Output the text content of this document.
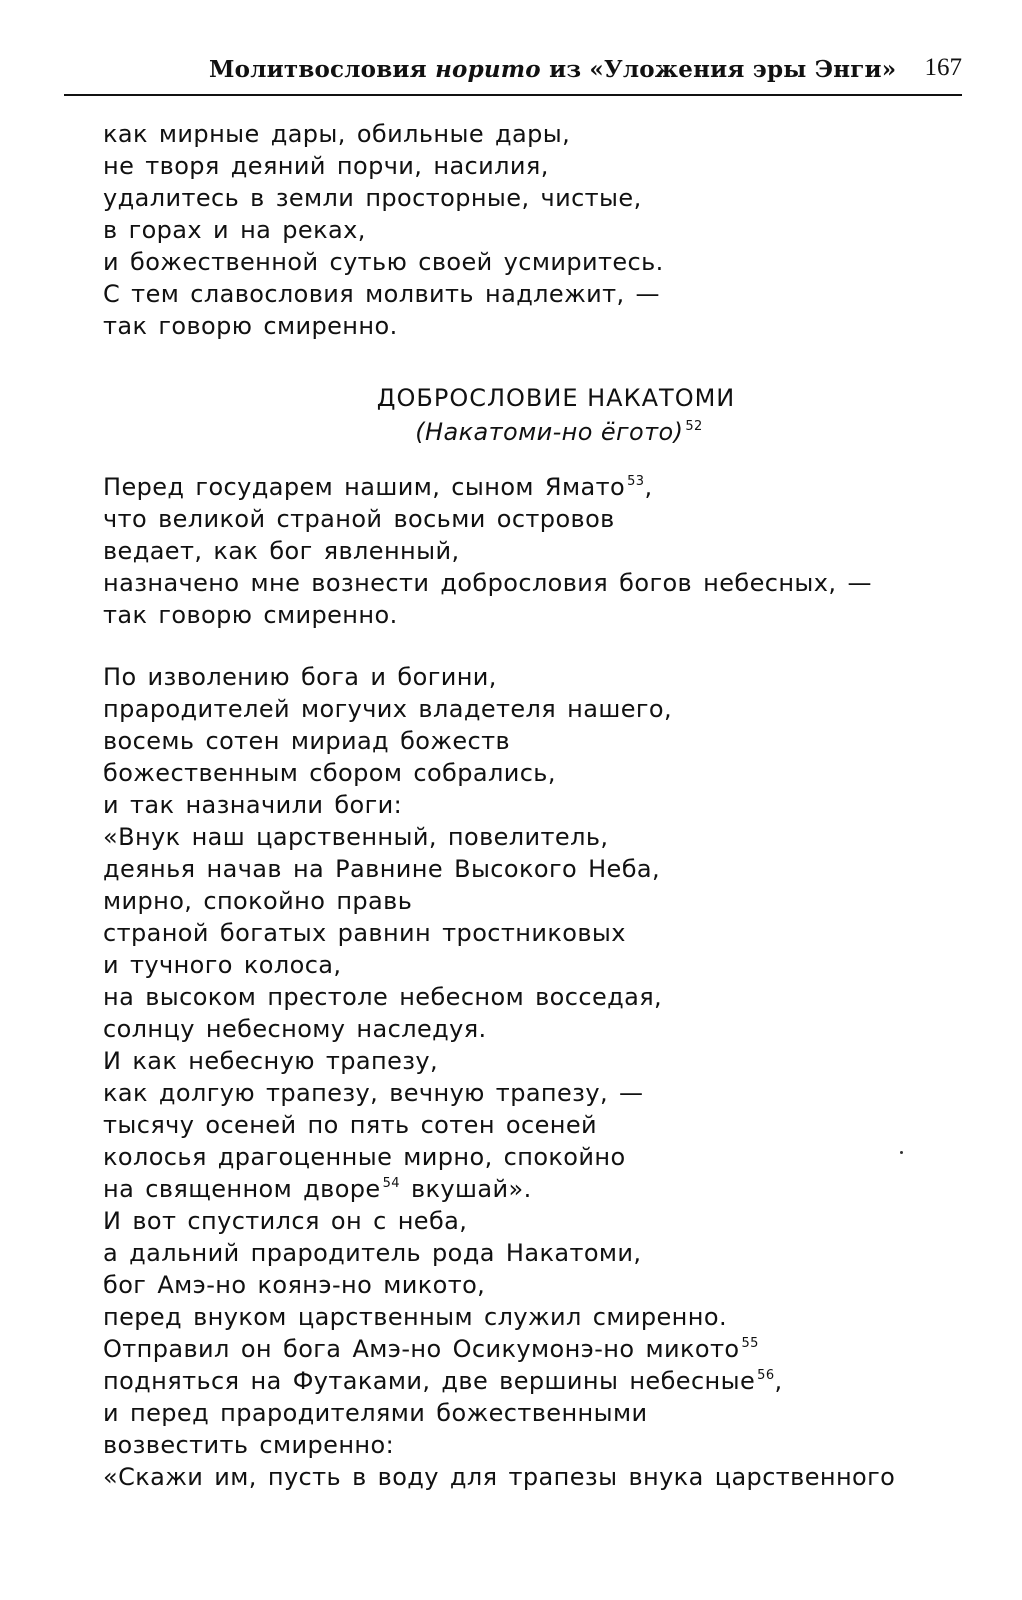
Молитвословия норито из «Уложения эры Энги» 167
как мирные дары, обильные дары,
не творя деяний порчи, насилия,
удалитесь в земли просторные, чистые,
в горах и на реках,
и божественной сутью своей усмиритесь.
С тем славословия молвить надлежит, —
так говорю смиренно.
ДОБРОСЛОВИЕ НАКАТОМИ
(Накатоми-но ёгото) $^{52}$
Перед государем нашим, сыном Ямато $^{53}$,
что великой страной восьми островов
ведает, как бог явленный,
назначено мне вознести доброcловия богов небесных, —
так говорю смиренно.
По изволению бога и богини,
прародителей могучих владетеля нашего,
восемь сотен мириад божеств
божественным сбором собрались,
и так назначили боги:
«Внук наш царственный, повелитель,
деянья начав на Равнине Высокого Неба,
мирно, спокойно правь
страной богатых равнин тростниковых
и тучного колоса,
на высоком престоле небесном восседая,
солнцу небесному наследуя.
И как небесную трапезу,
как долгую трапезу, вечную трапезу, —
тысячу осеней по пять сотен осеней
колосья драгоценные мирно, спокойно
на священном дворе $^{54}$ вкушай».
И вот спустился он с неба,
а дальний прародитель рода Накатоми,
бог Амэ-но коянэ-но микото,
перед внуком царственным служил смиренно.
Отправил он бога Амэ-но Осикумонэ-но микото $^{55}$
подняться на Футаками, две вершины небесные $^{56}$,
и перед прародителями божественными
возвестить смиренно:
«Скажи им, пусть в воду для трапезы внука царственного
